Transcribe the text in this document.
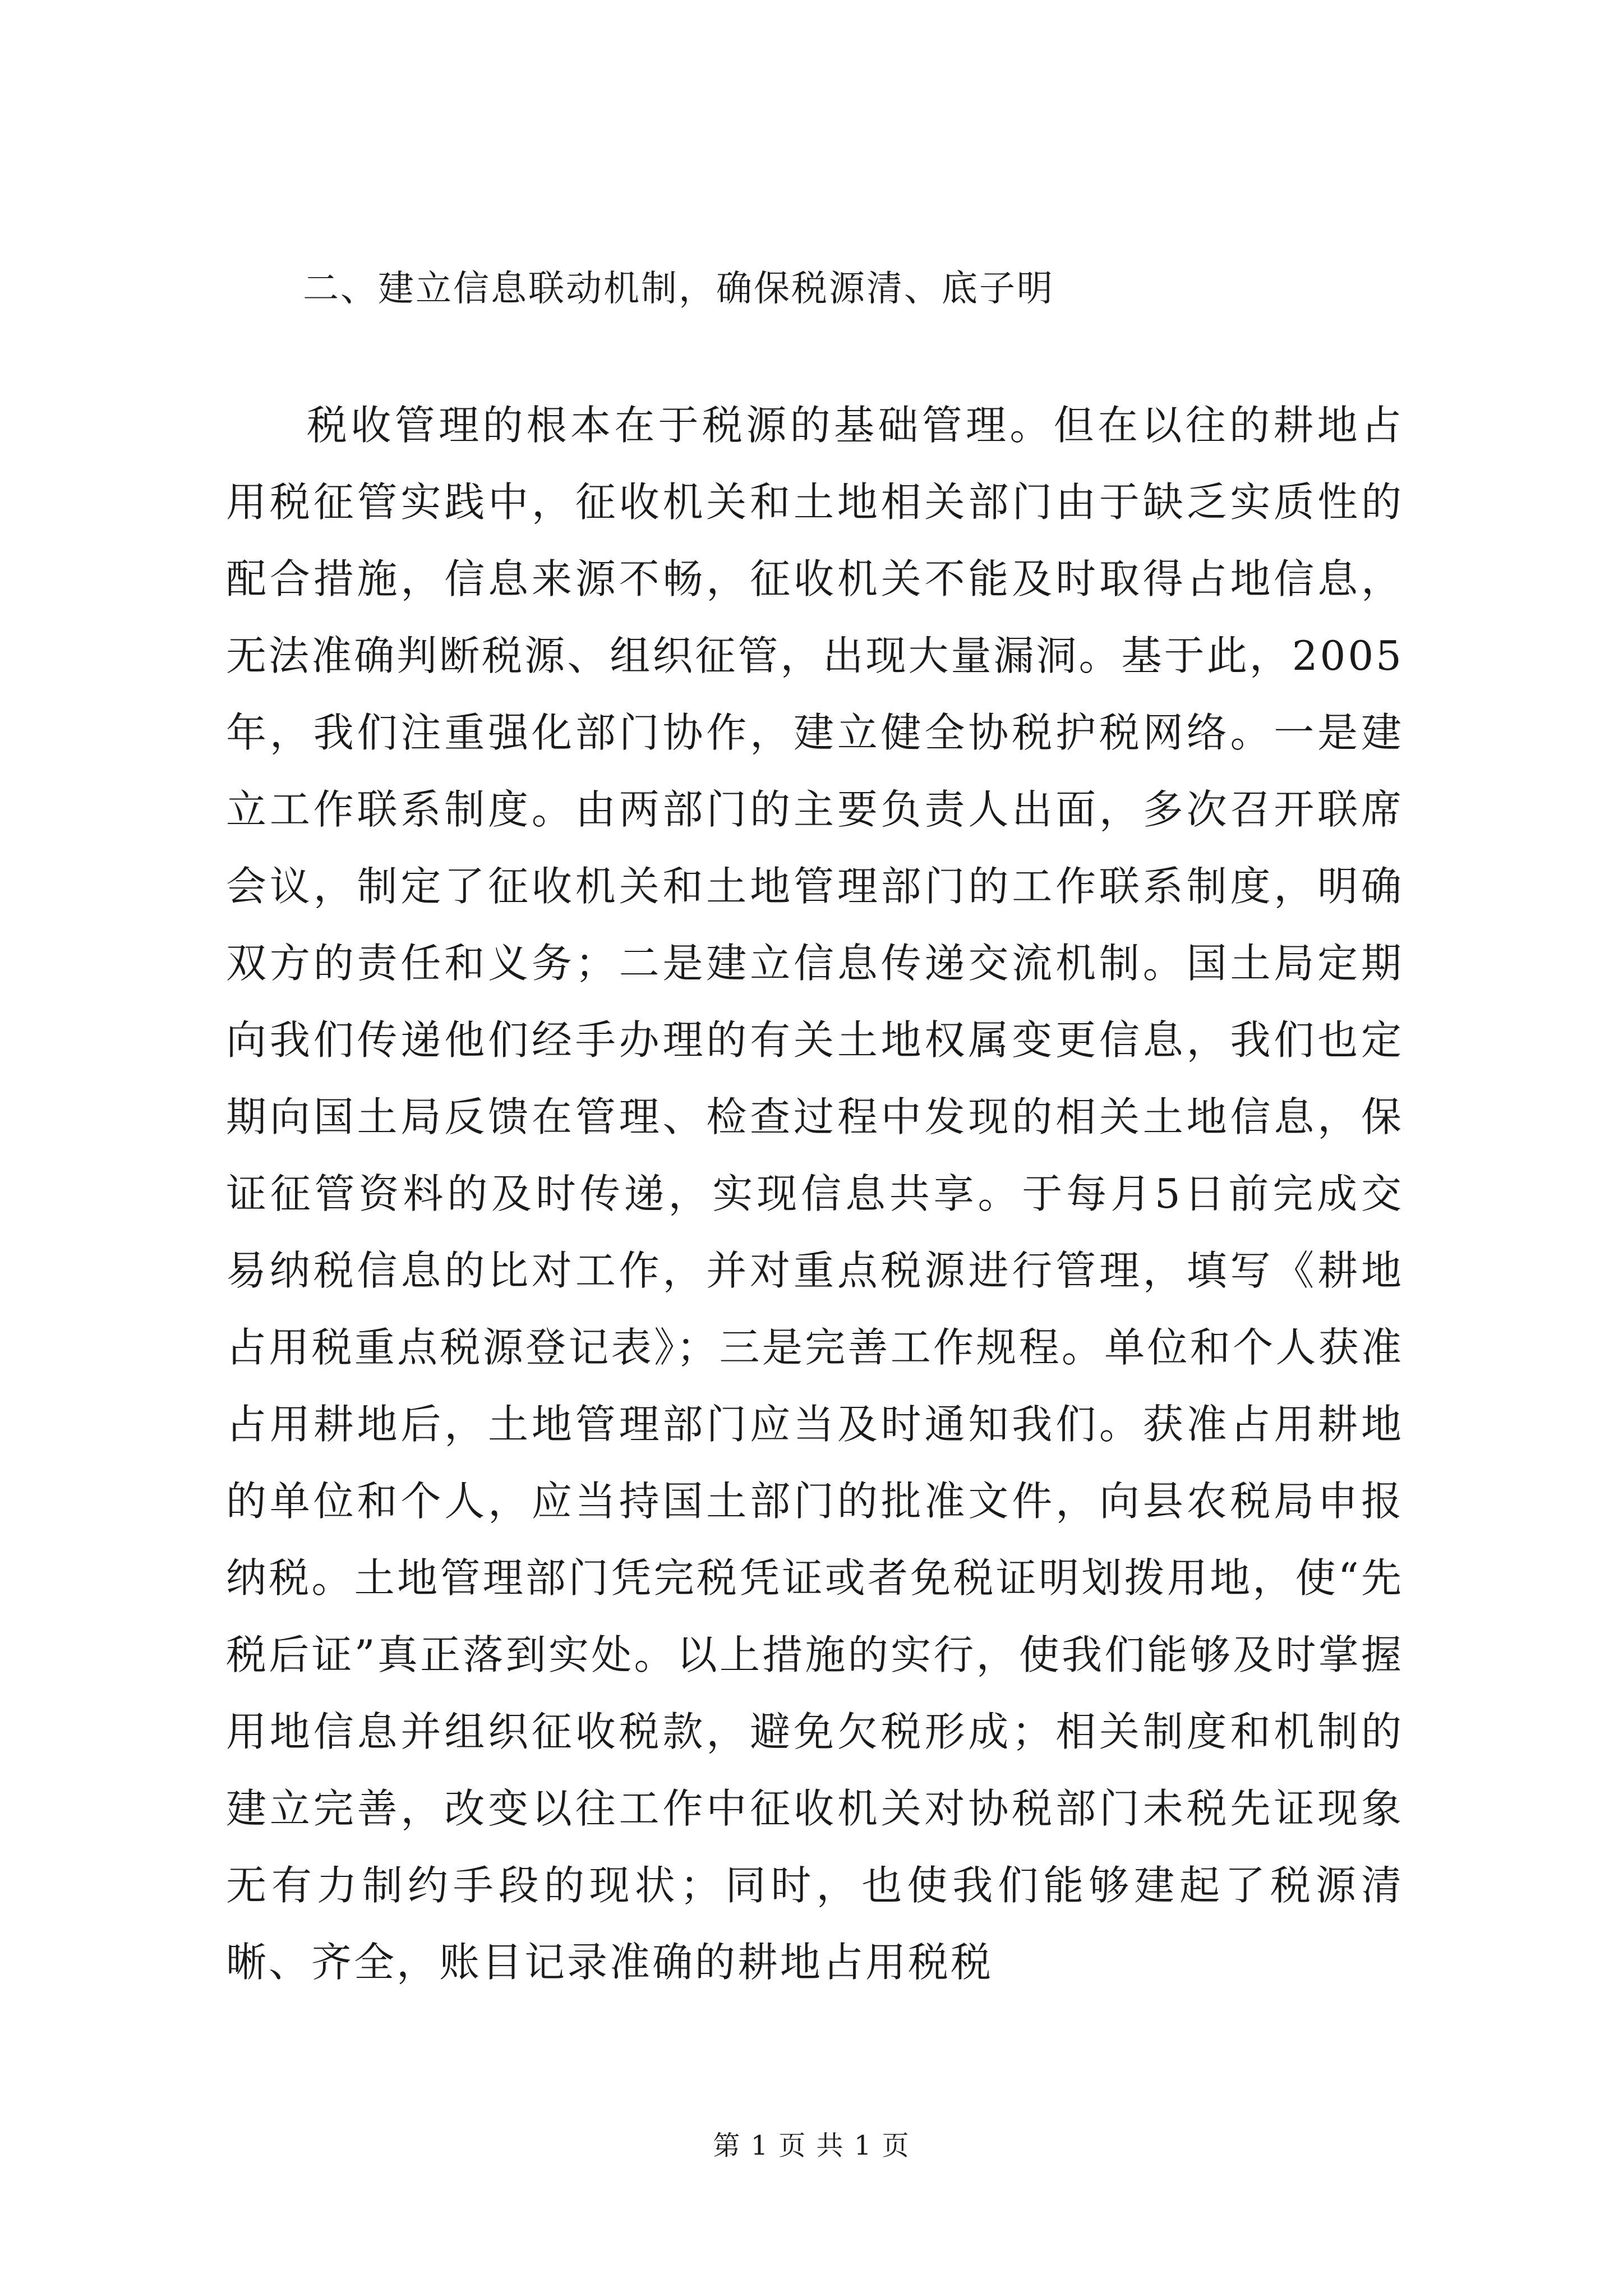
二、建立信息联动机制，确保税源清、底子明

税收管理的根本在于税源的基础管理。但在以往的耕地占用税征管实践中，征收机关和土地相关部门由于缺乏实质性的配合措施，信息来源不畅，征收机关不能及时取得占地信息，无法准确判断税源、组织征管，出现大量漏洞。基于此，2005年，我们注重强化部门协作，建立健全协税护税网络。一是建立工作联系制度。由两部门的主要负责人出面，多次召开联席会议，制定了征收机关和土地管理部门的工作联系制度，明确双方的责任和义务；二是建立信息传递交流机制。国土局定期向我们传递他们经手办理的有关土地权属变更信息，我们也定期向国土局反馈在管理、检查过程中发现的相关土地信息，保证征管资料的及时传递，实现信息共享。于每月5日前完成交易纳税信息的比对工作，并对重点税源进行管理，填写《耕地占用税重点税源登记表》；三是完善工作规程。单位和个人获准占用耕地后，土地管理部门应当及时通知我们。获准占用耕地的单位和个人，应当持国土部门的批准文件，向县农税局申报纳税。土地管理部门凭完税凭证或者免税证明划拨用地，使“先税后证”真正落到实处。以上措施的实行，使我们能够及时掌握用地信息并组织征收税款，避免欠税形成；相关制度和机制的建立完善，改变以往工作中征收机关对协税部门未税先证现象无有力制约手段的现状；同时，也使我们能够建起了税源清晰、齐全，账目记录准确的耕地占用税税

第 1 页 共 1 页
